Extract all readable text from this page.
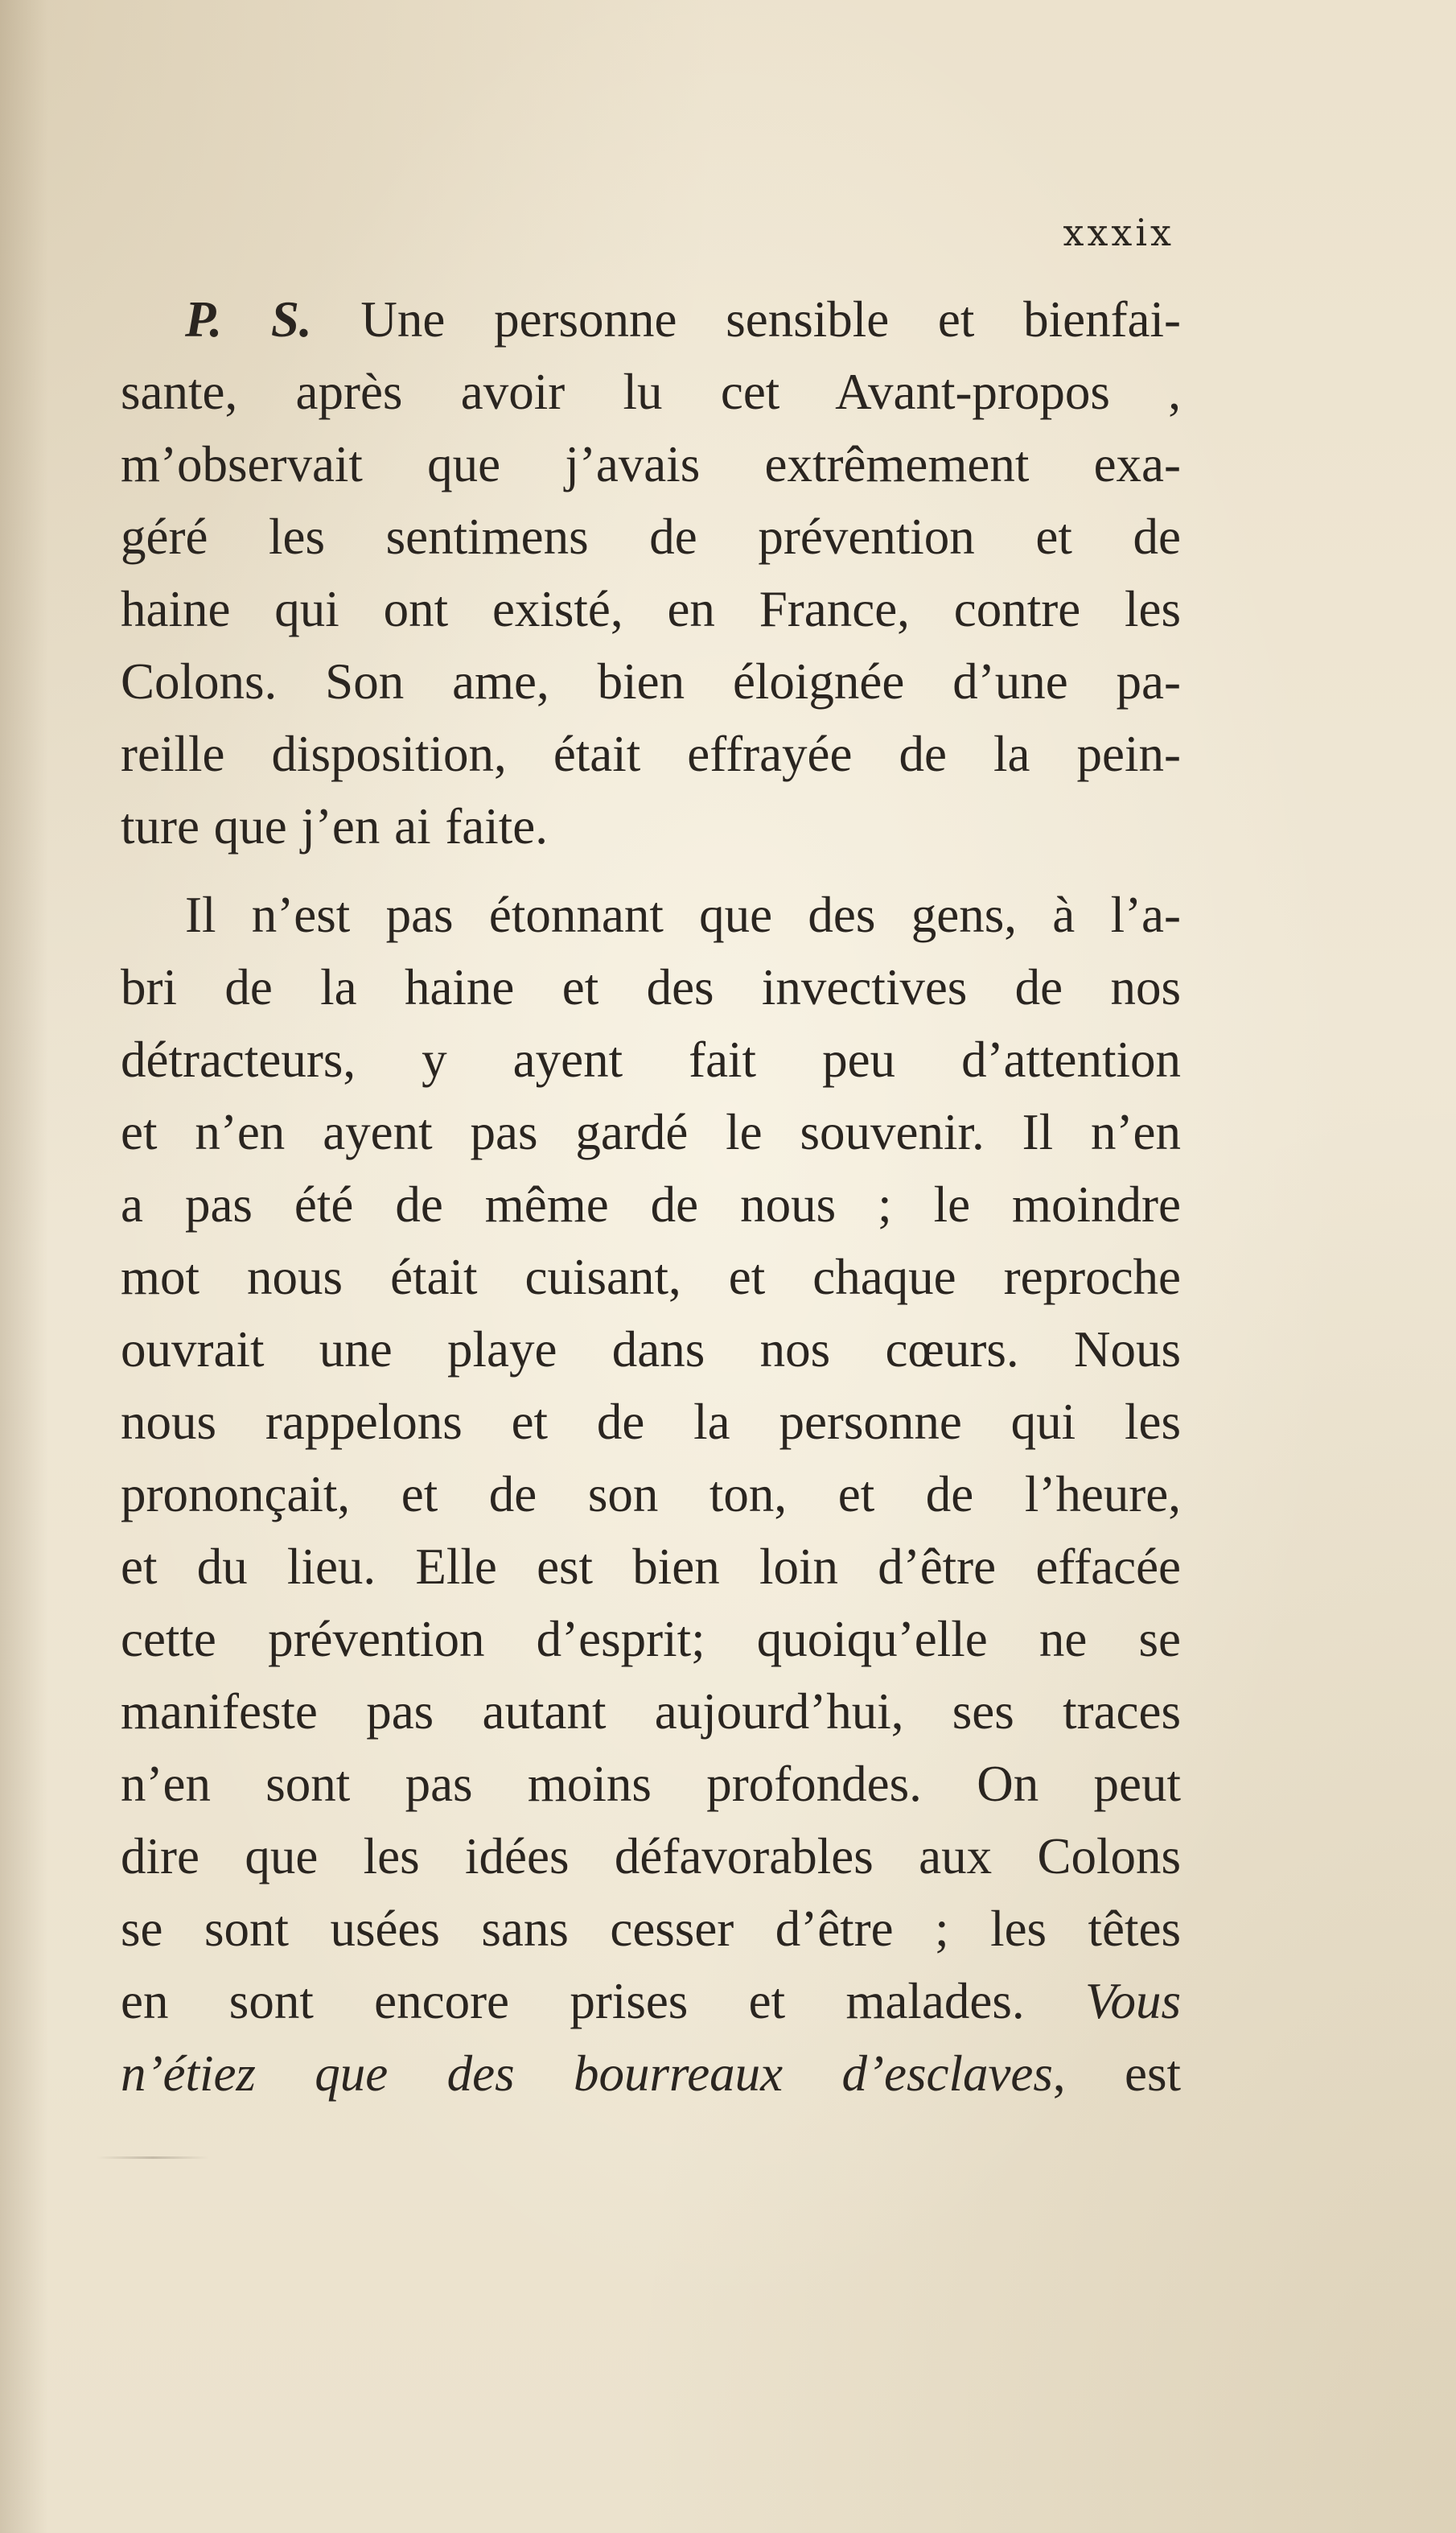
xxxix
P. S. Une personne sensible et bienfai-
sante, après avoir lu cet Avant-propos ,
m’observait que j’avais extrêmement exa-
géré les sentimens de prévention et de
haine qui ont existé, en France, contre les
Colons. Son ame, bien éloignée d’une pa-
reille disposition, était effrayée de la pein-
ture que j’en ai faite.
Il n’est pas étonnant que des gens, à l’a-
bri de la haine et des invectives de nos
détracteurs, y ayent fait peu d’attention
et n’en ayent pas gardé le souvenir. Il n’en
a pas été de même de nous ; le moindre
mot nous était cuisant, et chaque reproche
ouvrait une playe dans nos cœurs. Nous
nous rappelons et de la personne qui les
prononçait, et de son ton, et de l’heure,
et du lieu. Elle est bien loin d’être effacée
cette prévention d’esprit; quoiqu’elle ne se
manifeste pas autant aujourd’hui, ses traces
n’en sont pas moins profondes. On peut
dire que les idées défavorables aux Colons
se sont usées sans cesser d’être ; les têtes
en sont encore prises et malades. Vous
n’étiez que des bourreaux d’esclaves, est
